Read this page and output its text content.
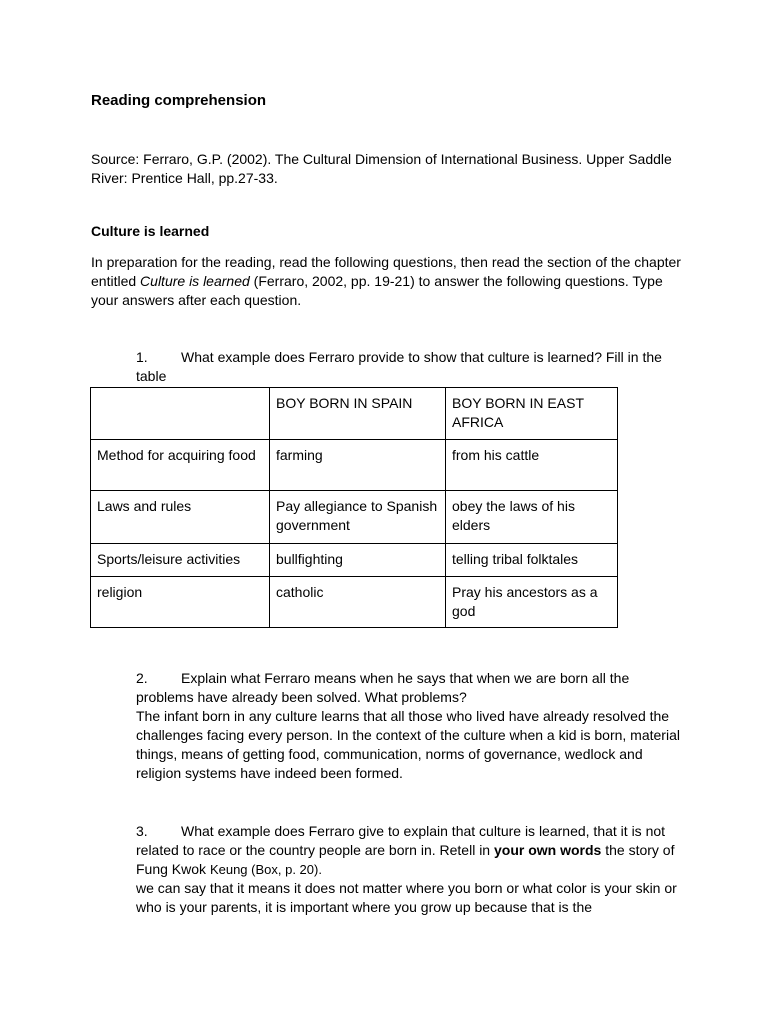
Reading comprehension

Source: Ferraro, G.P. (2002). The Cultural Dimension of International Business. Upper Saddle River: Prentice Hall, pp.27-33.

Culture is learned

In preparation for the reading, read the following questions, then read the section of the chapter entitled Culture is learned (Ferraro, 2002, pp. 19-21) to answer the following questions. Type your answers after each question.

1. What example does Ferraro provide to show that culture is learned? Fill in the table

	BOY BORN IN SPAIN	BOY BORN IN EAST AFRICA
Method for acquiring food	farming	from his cattle
Laws and rules	Pay allegiance to Spanish government	obey the laws of his elders
Sports/leisure activities	bullfighting	telling tribal folktales
religion	catholic	Pray his ancestors as a god
2. Explain what Ferraro means when he says that when we are born all the problems have already been solved. What problems?
The infant born in any culture learns that all those who lived have already resolved the challenges facing every person. In the context of the culture when a kid is born, material things, means of getting food, communication, norms of governance, wedlock and religion systems have indeed been formed.
3. What example does Ferraro give to explain that culture is learned, that it is not related to race or the country people are born in. Retell in your own words the story of Fung Kwok Keung (Box, p. 20).
we can say that it means it does not matter where you born or what color is your skin or who is your parents, it is important where you grow up because that is the
